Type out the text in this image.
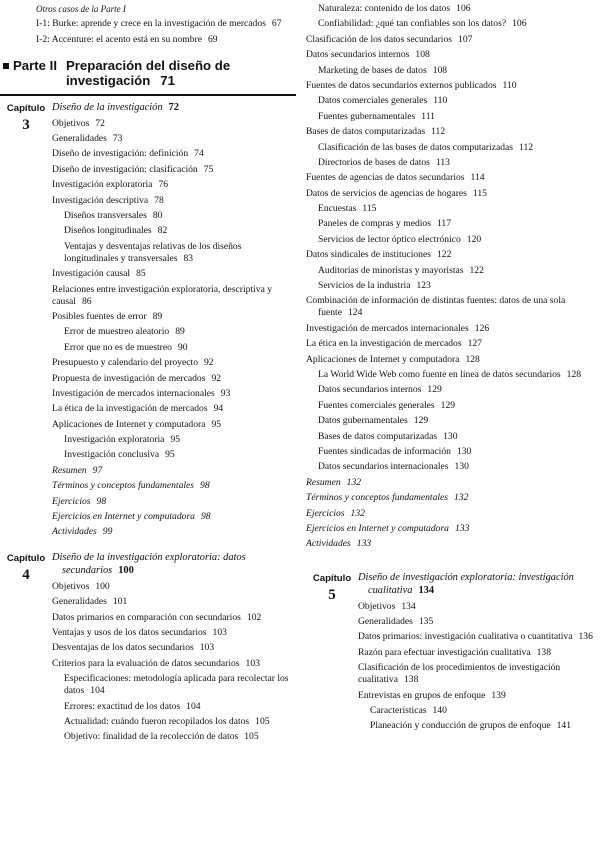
Otros casos de la Parte I
I-1: Burke: aprende y crece en la investigación de mercados 67
I-2: Accenture: el acento está en su nombre 69
Parte II Preparación del diseño de investigación 71
Capítulo
3
Diseño de la investigación 72
Objetivos 72
Generalidades 73
Diseño de investigación: definición 74
Diseño de investigación: clasificación 75
Investigación exploratoria 76
Investigación descriptiva 78
Diseños transversales 80
Diseños longitudinales 82
Ventajas y desventajas relativas de los diseños longitudinales y transversales 83
Investigación causal 85
Relaciones entre investigación exploratoria, descriptiva y causal 86
Posibles fuentes de error 89
Error de muestreo aleatorio 89
Error que no es de muestreo 90
Presupuesto y calendario del proyecto 92
Propuesta de investigación de mercados 92
Investigación de mercados internacionales 93
La ética de la investigación de mercados 94
Aplicaciones de Internet y computadora 95
Investigación exploratoria 95
Investigación conclusiva 95
Resumen 97
Términos y conceptos fundamentales 98
Ejercicios 98
Ejercicios en Internet y computadora 98
Actividades 99
Capítulo
4
Diseño de la investigación exploratoria: datos secundarios 100
Objetivos 100
Generalidades 101
Datos primarios en comparación con secundarios 102
Ventajas y usos de los datos secundarios 103
Desventajas de los datos secundarios 103
Criterios para la evaluación de datos secundarios 103
Especificaciones: metodología aplicada para recolectar los datos 104
Errores: exactitud de los datos 104
Actualidad: cuándo fueron recopilados los datos 105
Objetivo: finalidad de la recolección de datos 105
Naturaleza: contenido de los datos 106
Confiabilidad: ¿qué tan confiables son los datos? 106
Clasificación de los datos secundarios 107
Datos secundarios internos 108
Marketing de bases de datos 108
Fuentes de datos secundarios externos publicados 110
Datos comerciales generales 110
Fuentes gubernamentales 111
Bases de datos computarizadas 112
Clasificación de las bases de datos computarizadas 112
Directorios de bases de datos 113
Fuentes de agencias de datos secundarios 114
Datos de servicios de agencias de hogares 115
Encuestas 115
Paneles de compras y medios 117
Servicios de lector óptico electrónico 120
Datos sindicales de instituciones 122
Auditorías de minoristas y mayoristas 122
Servicios de la industria 123
Combinación de información de distintas fuentes: datos de una sola fuente 124
Investigación de mercados internacionales 126
La ética en la investigación de mercados 127
Aplicaciones de Internet y computadora 128
La World Wide Web como fuente en línea de datos secundarios 128
Datos secundarios internos 129
Fuentes comerciales generales 129
Datos gubernamentales 129
Bases de datos computarizadas 130
Fuentes sindicadas de información 130
Datos secundarios internacionales 130
Resumen 132
Términos y conceptos fundamentales 132
Ejercicios 132
Ejercicios en Internet y computadora 133
Actividades 133
Capítulo
5
Diseño de investigación exploratoria: investigación cualitativa 134
Objetivos 134
Generalidades 135
Datos primarios: investigación cualitativa o cuantitativa 136
Razón para efectuar investigación cualitativa 138
Clasificación de los procedimientos de investigación cualitativa 138
Entrevistas en grupos de enfoque 139
Características 140
Planeación y conducción de grupos de enfoque 141
